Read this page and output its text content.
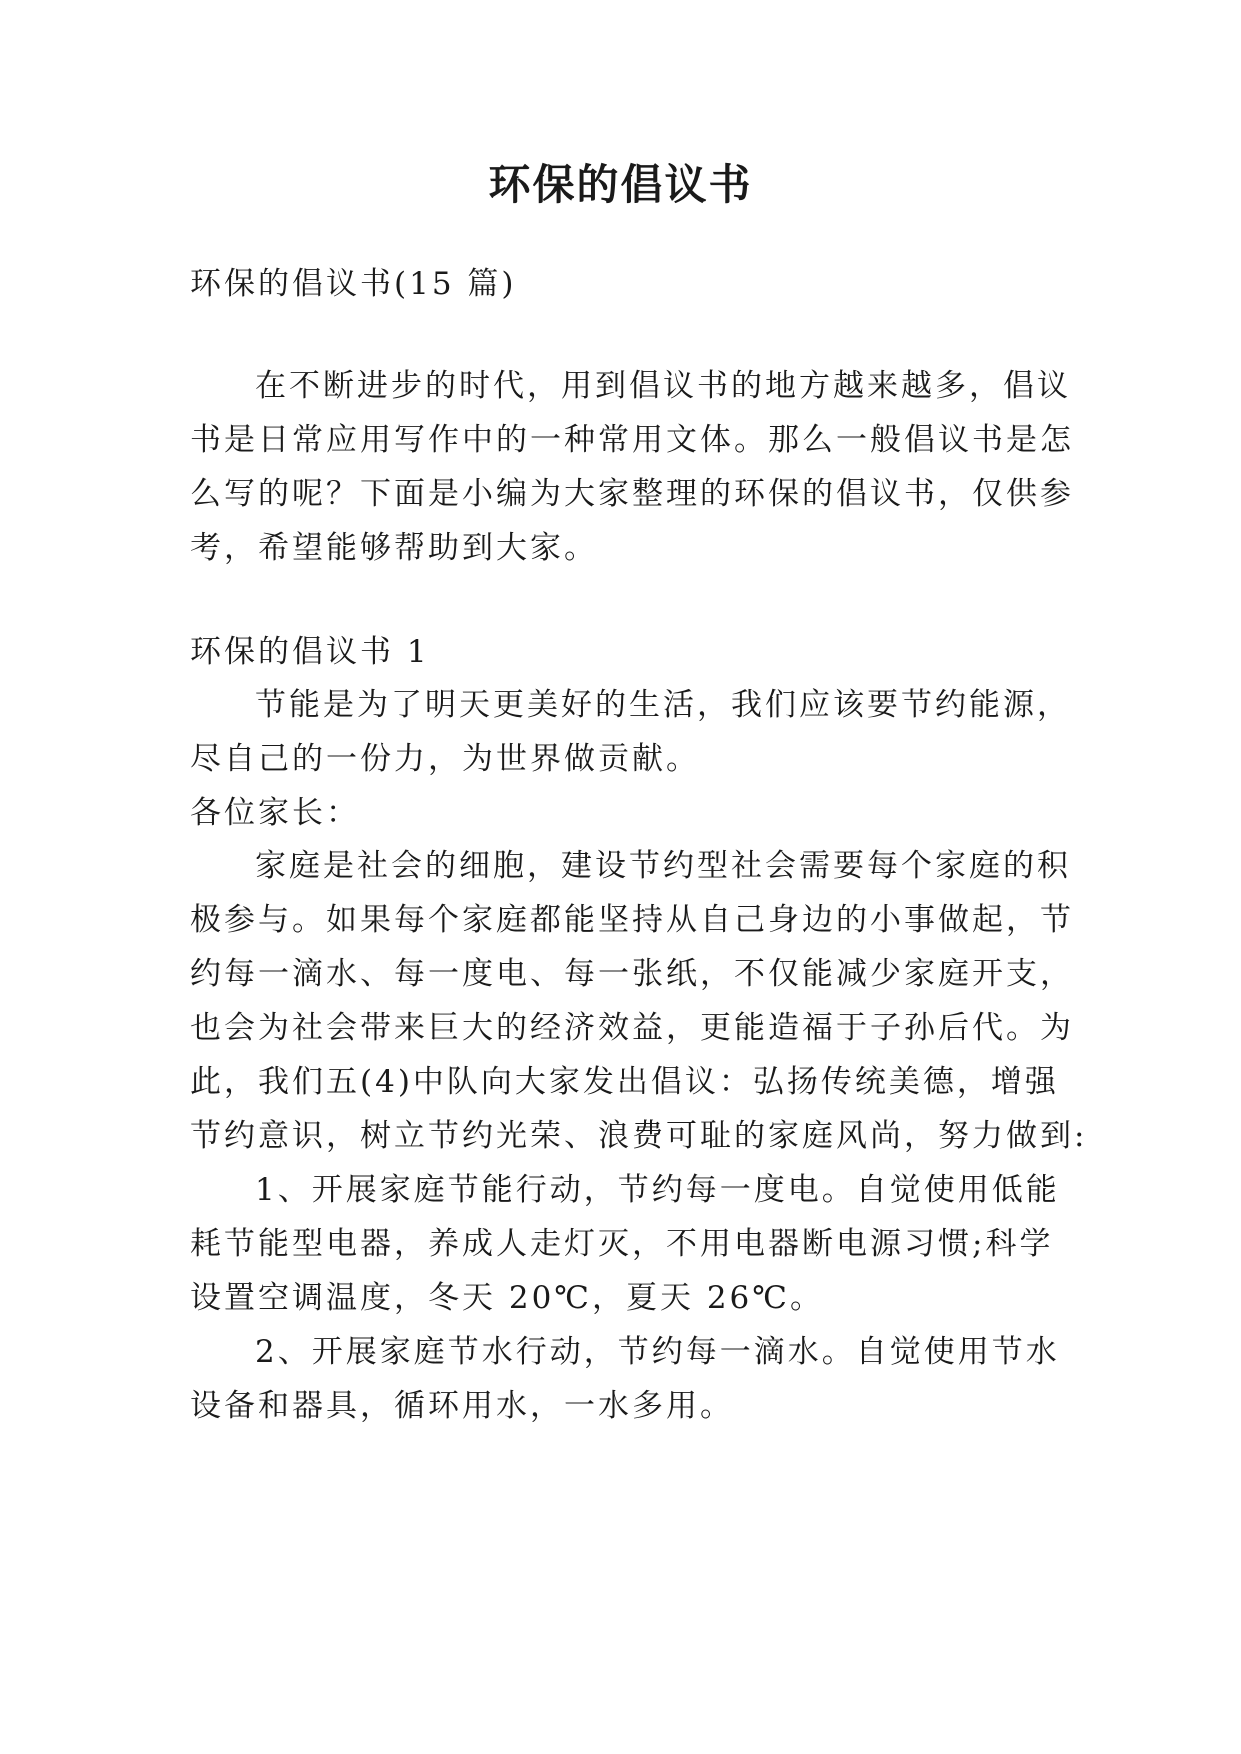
环保的倡议书

环保的倡议书(15 篇)

在不断进步的时代，用到倡议书的地方越来越多，倡议

书是日常应用写作中的一种常用文体。那么一般倡议书是怎

么写的呢？下面是小编为大家整理的环保的倡议书，仅供参

考，希望能够帮助到大家。

环保的倡议书 1

节能是为了明天更美好的生活，我们应该要节约能源，

尽自己的一份力，为世界做贡献。

各位家长：

家庭是社会的细胞，建设节约型社会需要每个家庭的积

极参与。如果每个家庭都能坚持从自己身边的小事做起，节

约每一滴水、每一度电、每一张纸，不仅能减少家庭开支，

也会为社会带来巨大的经济效益，更能造福于子孙后代。为

此，我们五(4)中队向大家发出倡议：弘扬传统美德，增强

节约意识，树立节约光荣、浪费可耻的家庭风尚，努力做到:

1、开展家庭节能行动，节约每一度电。自觉使用低能

耗节能型电器，养成人走灯灭，不用电器断电源习惯;科学

设置空调温度，冬天 20℃，夏天 26℃。

2、开展家庭节水行动，节约每一滴水。自觉使用节水

设备和器具，循环用水，一水多用。
